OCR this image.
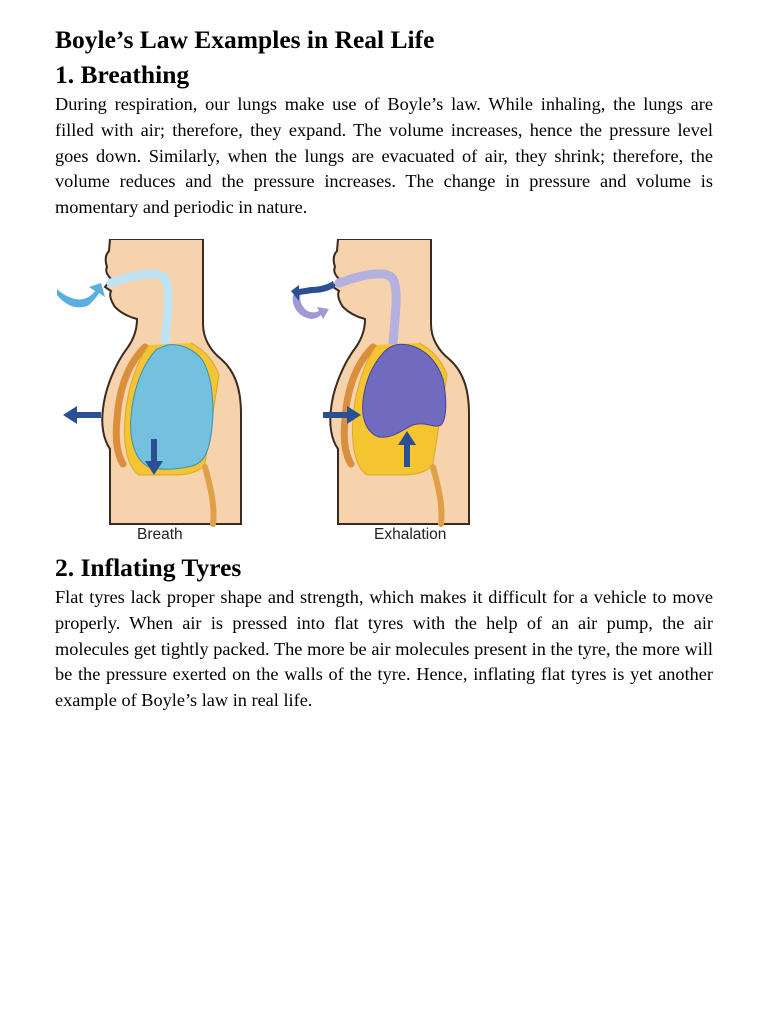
Boyle’s Law Examples in Real Life
1. Breathing

During respiration, our lungs make use of Boyle’s law. While inhaling, the lungs are filled with air; therefore, they expand. The volume increases, hence the pressure level goes down. Similarly, when the lungs are evacuated of air, they shrink; therefore, the volume reduces and the pressure increases. The change in pressure and volume is momentary and periodic in nature.

Breath	Exhalation
2. Inflating Tyres

Flat tyres lack proper shape and strength, which makes it difficult for a vehicle to move properly. When air is pressed into flat tyres with the help of an air pump, the air molecules get tightly packed. The more be air molecules present in the tyre, the more will be the pressure exerted on the walls of the tyre. Hence, inflating flat tyres is yet another example of Boyle’s law in real life.
